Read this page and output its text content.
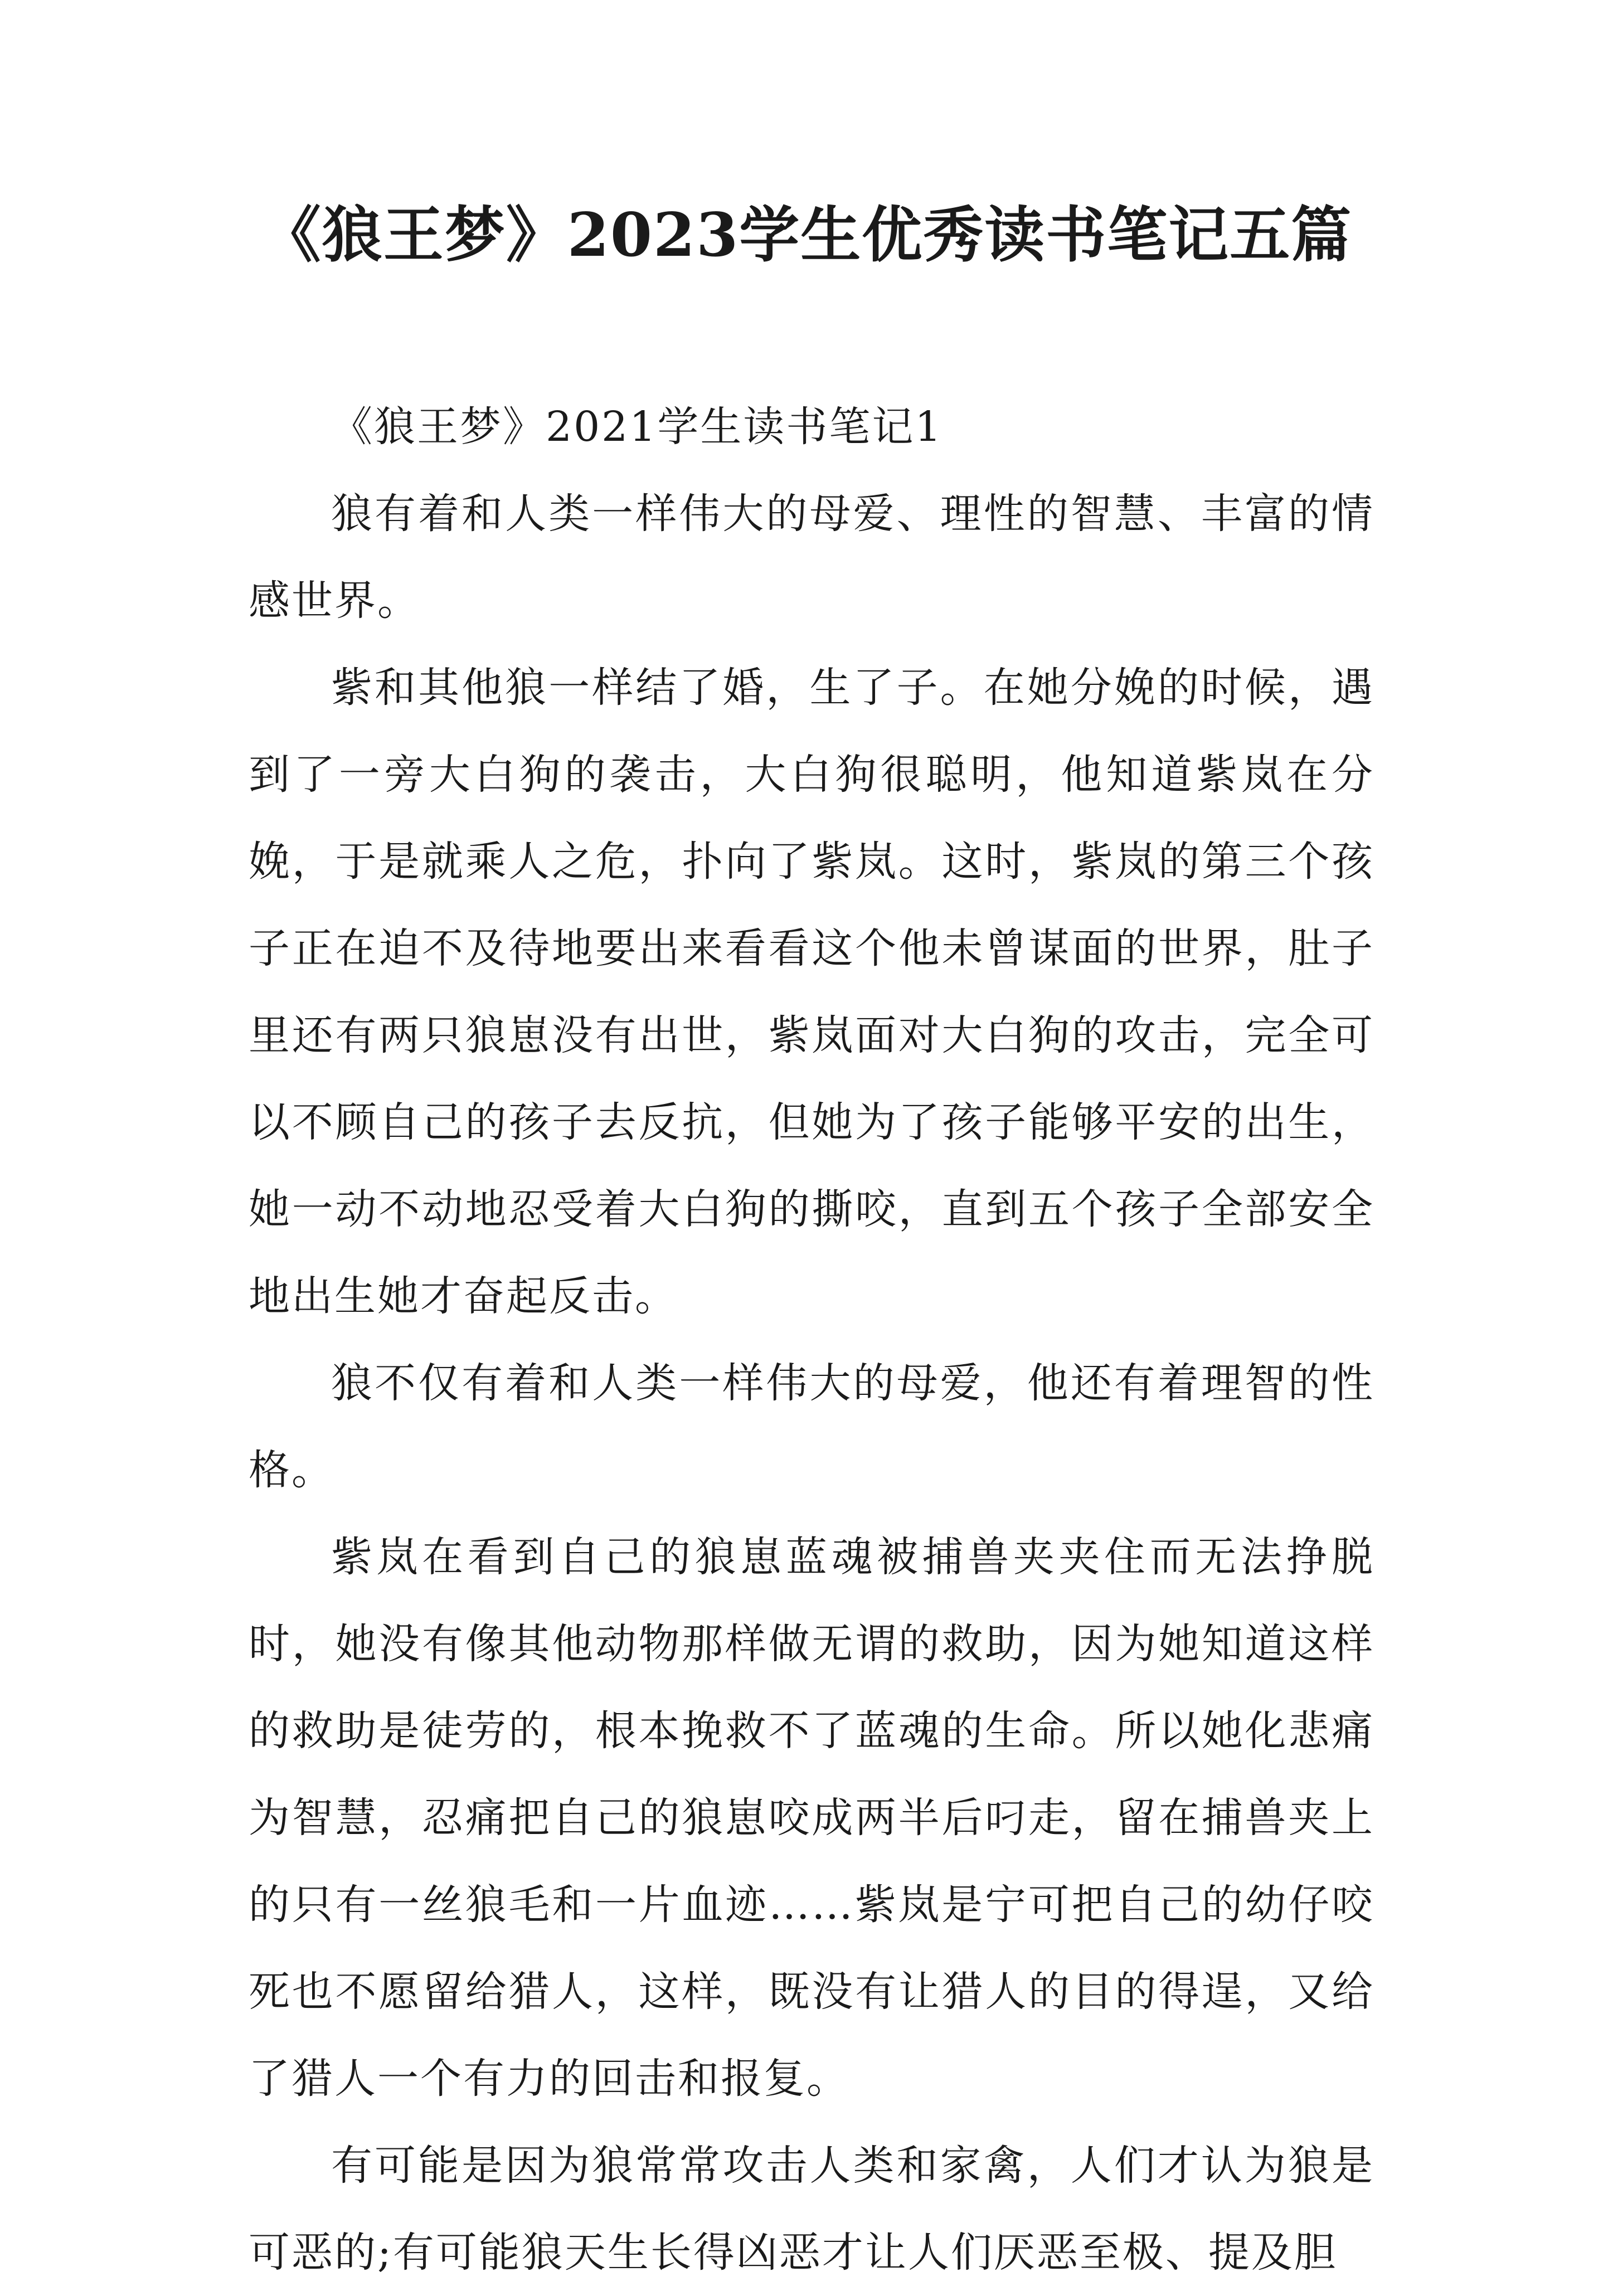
《狼王梦》2023学生优秀读书笔记五篇

《狼王梦》2021学生读书笔记1

狼有着和人类一样伟大的母爱、理性的智慧、丰富的情感世界。

紫和其他狼一样结了婚，生了子。在她分娩的时候，遇到了一旁大白狗的袭击，大白狗很聪明，他知道紫岚在分娩，于是就乘人之危，扑向了紫岚。这时，紫岚的第三个孩子正在迫不及待地要出来看看这个他未曾谋面的世界，肚子里还有两只狼崽没有出世，紫岚面对大白狗的攻击，完全可以不顾自己的孩子去反抗，但她为了孩子能够平安的出生，她一动不动地忍受着大白狗的撕咬，直到五个孩子全部安全地出生她才奋起反击。

狼不仅有着和人类一样伟大的母爱，他还有着理智的性格。

紫岚在看到自己的狼崽蓝魂被捕兽夹夹住而无法挣脱时，她没有像其他动物那样做无谓的救助，因为她知道这样的救助是徒劳的，根本挽救不了蓝魂的生命。所以她化悲痛为智慧，忍痛把自己的狼崽咬成两半后叼走，留在捕兽夹上的只有一丝狼毛和一片血迹……紫岚是宁可把自己的幼仔咬死也不愿留给猎人，这样，既没有让猎人的目的得逞，又给了猎人一个有力的回击和报复。

有可能是因为狼常常攻击人类和家禽，人们才认为狼是可恶的;有可能狼天生长得凶恶才让人们厌恶至极、提及胆
